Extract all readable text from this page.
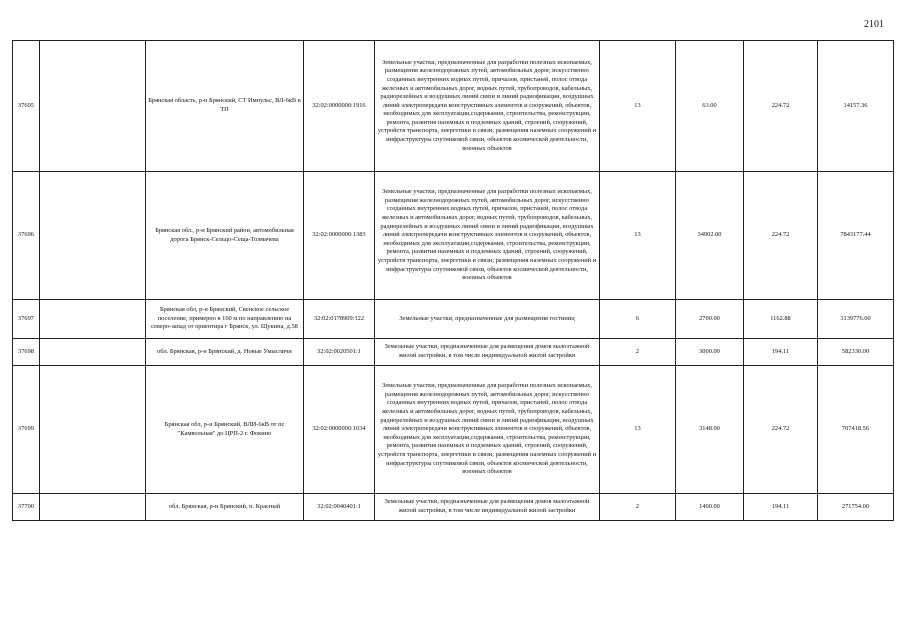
2101
37695		Брянская область, р-н Брянский, СТ Импульс, ВЛ-6кВ в ТП	32:02:0000000:1916	Земельные участки, предназначенные для разработки полезных ископаемых, размещения железнодорожных путей, автомобильных дорог, искусственно созданных внутренних водных путей, причалов, пристаней, полос отвода железных и автомобильных дорог, водных путей, трубопроводов, кабельных, радиорелейных и воздушных линий связи и линий радиофикации, воздушных линий электропередачи конструктивных элементов и сооружений, объектов, необходимых для эксплуатации,содержания, строительства, реконструкции, ремонта, развития наземных и подземных зданий, строений, сооружений, устройств транспорта, энергетики и связи; размещения наземных сооружений и инфраструктуры спутниковой связи, объектов космической деятельности, военных объектов	13	63.00	224.72	14157.36
37696		Брянская обл., р-н Брянский район, автомобильная дорога Брянск-Сельцо-Сеща-Толмачева	32:02:0000000:1383	Земельные участки, предназначенные для разработки полезных ископаемых, размещения железнодорожных путей, автомобильных дорог, искусственно созданных внутренних водных путей, причалов, пристаней, полос отвода железных и автомобильных дорог, водных путей, трубопроводов, кабельных, радиорелейных и воздушных линий связи и линий радиофикации, воздушных линий электропередачи конструктивных элементов и сооружений, объектов, необходимых для эксплуатации,содержания, строительства, реконструкции, ремонта, развития наземных и подземных зданий, строений, сооружений, устройств транспорта, энергетики и связи; размещения наземных сооружений и инфраструктуры спутниковой связи, объектов космической деятельности, военных объектов	13	34902.00	224.72	7843177.44
37697		Брянская обл, р-н Брянский, Свенское сельское поселение, примерно в 160 м по направлению на северо-запад от ориентира г Брянск, ул. Щукина, д.58	32:02:0178909:122	Земельные участки, предназначенные для размещения гостиниц	6	2700.00	1162.88	3139776.00
37698		обл. Брянская, р-н Брянский, д. Новые Умысличи	32:02:0020501:1	Земельные участки, предназначенные для размещения домов малоэтажной жилой застройки, в том числе индивидуальной жилой застройки	2	3000.00	194.11	582330.00
37699		Брянская обл, р-н Брянский, ВЛИ-6кВ от пс "Камвольная" до ЦРП-2 г. Фокино	32:02:0000000:1034	Земельные участки, предназначенные для разработки полезных ископаемых, размещения железнодорожных путей, автомобильных дорог, искусственно созданных внутренних водных путей, причалов, пристаней, полос отвода железных и автомобильных дорог, водных путей, трубопроводов, кабельных, радиорелейных и воздушных линий связи и линий радиофикации, воздушных линий электропередачи конструктивных элементов и сооружений, объектов, необходимых для эксплуатации,содержания, строительства, реконструкции, ремонта, развития наземных и подземных зданий, строений, сооружений, устройств транспорта, энергетики и связи; размещения наземных сооружений и инфраструктуры спутниковой связи, объектов космической деятельности, военных объектов	13	3148.00	224.72	707418.56
37700		обл. Брянская, р-н Брянский, п. Красный	32:02:0040401:1	Земельные участки, предназначенные для размещения домов малоэтажной жилой застройки, в том числе индивидуальной жилой застройки	2	1400.00	194.11	271754.00
